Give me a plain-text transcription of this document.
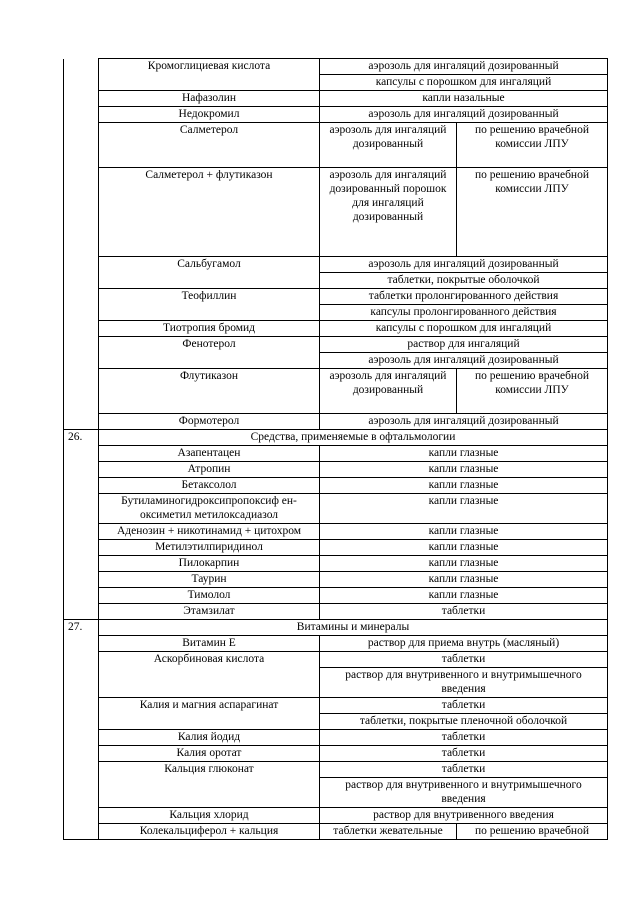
	Кромоглициевая кислота	аэрозоль для ингаляций дозированный	
		капсулы с порошком для ингаляций	
	Нафазолин	капли назальные	
	Недокромил	аэрозоль для ингаляций дозированный	
	Салметерол	аэрозоль для ингаляций дозированный	по решению врачебной комиссии ЛПУ
	Салметерол + флутиказон	аэрозоль для ингаляций дозированный порошок для ингаляций дозированный	по решению врачебной комиссии ЛПУ
	Сальбугамол	аэрозоль для ингаляций дозированный	
		таблетки, покрытые оболочкой	
	Теофиллин	таблетки пролонгированного действия	
		капсулы пролонгированного действия	
	Тиотропия бромид	капсулы с порошком для ингаляций	
	Фенотерол	раствор для ингаляций	
		аэрозоль для ингаляций дозированный	
	Флутиказон	аэрозоль для ингаляций дозированный	по решению врачебной комиссии ЛПУ
	Формотерол	аэрозоль для ингаляций дозированный	
26.	Средства, применяемые в офтальмологии		
	Азапентацен	капли глазные	
	Атропин	капли глазные	
	Бетаксолол	капли глазные	
	Бутиламиногидроксипропоксиф ен-оксиметил метилоксадиазол	капли глазные	
	Аденозин + никотинамид + цитохром	капли глазные	
	Метилэтилпиридинол	капли глазные	
	Пилокарпин	капли глазные	
	Таурин	капли глазные	
	Тимолол	капли глазные	
	Этамзилат	таблетки	
27.	Витамины и минералы		
	Витамин Е	раствор для приема внутрь (масляный)	
	Аскорбиновая кислота	таблетки	
		раствор для внутривенного и внутримышечного введения	
	Калия и магния аспарагинат	таблетки	
		таблетки, покрытые пленочной оболочкой	
	Калия йодид	таблетки	
	Калия оротат	таблетки	
	Кальция глюконат	таблетки	
		раствор для внутривенного и внутримышечного введения	
	Кальция хлорид	раствор для внутривенного введения	
	Колекальциферол + кальция	таблетки жевательные	по решению врачебной
